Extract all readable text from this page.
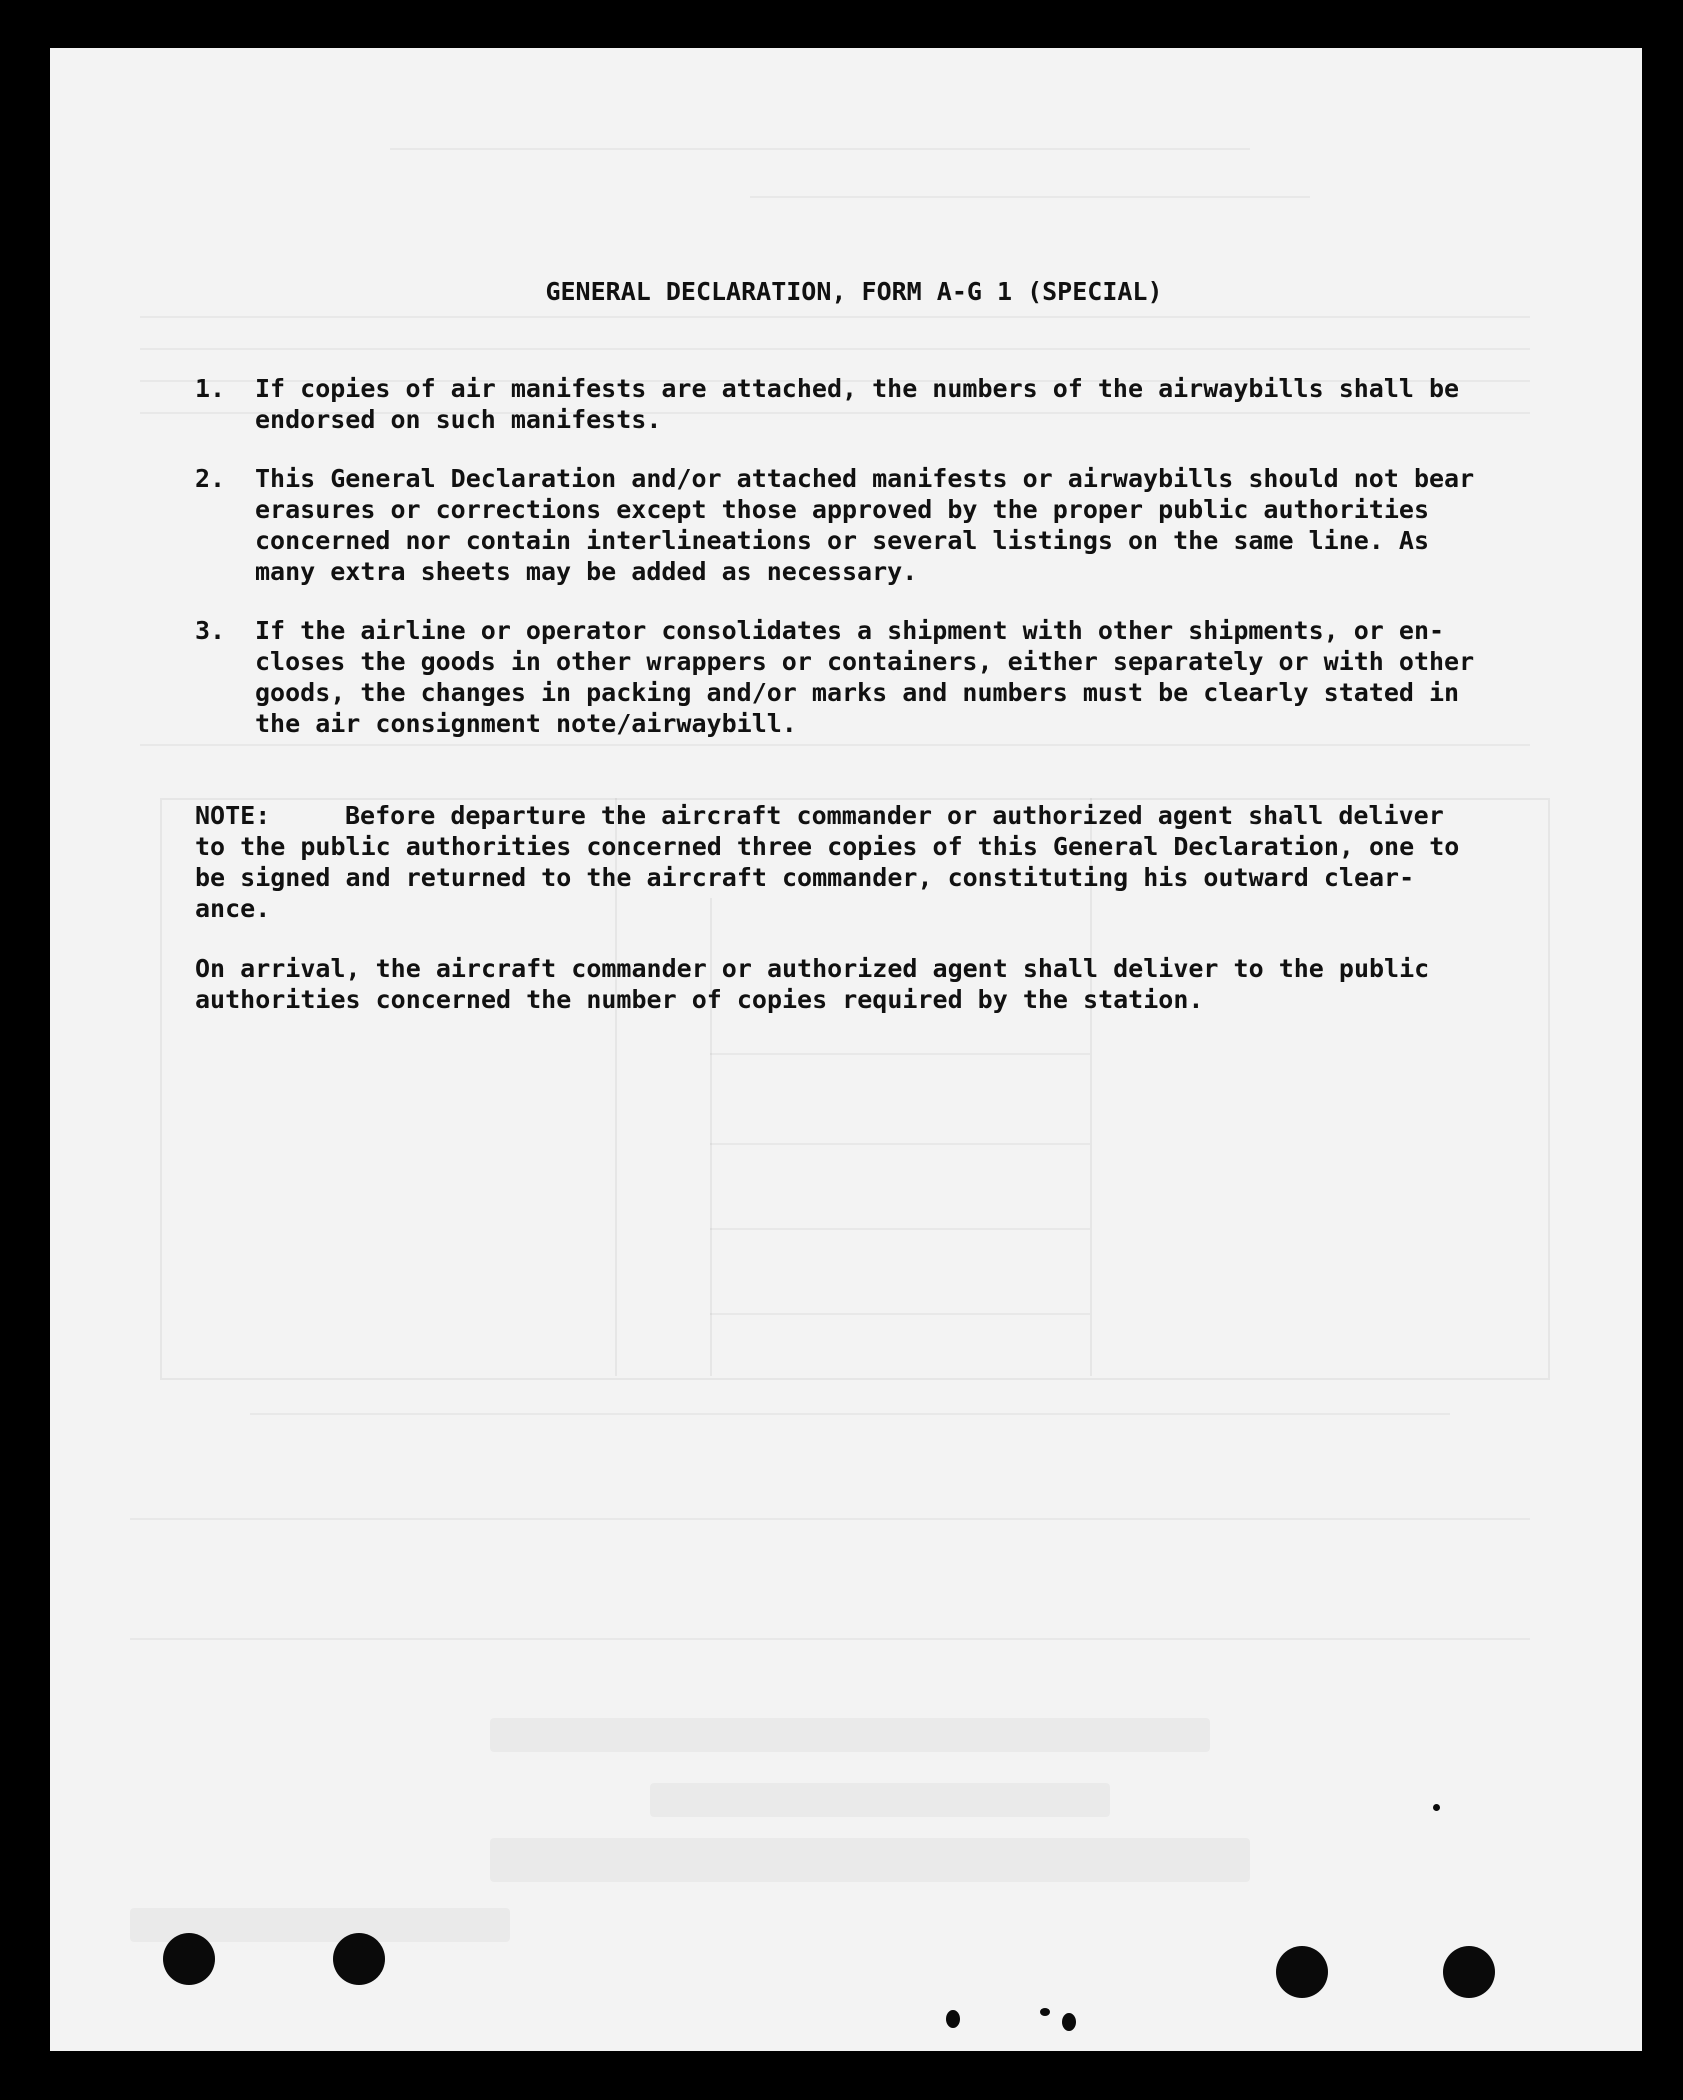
GENERAL DECLARATION, FORM A-G 1 (SPECIAL)
1.	If copies of air manifests are attached, the numbers of the airwaybills shall be
endorsed on such manifests.
2.	This General Declaration and/or attached manifests or airwaybills should not bear
erasures or corrections except those approved by the proper public authorities
concerned nor contain interlineations or several listings on the same line. As
many extra sheets may be added as necessary.
3.	If the airline or operator consolidates a shipment with other shipments, or en-
closes the goods in other wrappers or containers, either separately or with other
goods, the changes in packing and/or marks and numbers must be clearly stated in
the air consignment note/airwaybill.
NOTE:	Before departure the aircraft commander or authorized agent shall deliver
to the public authorities concerned three copies of this General Declaration, one to
be signed and returned to the aircraft commander, constituting his outward clear-
ance.
On arrival, the aircraft commander or authorized agent shall deliver to the public
authorities concerned the number of copies required by the station.
